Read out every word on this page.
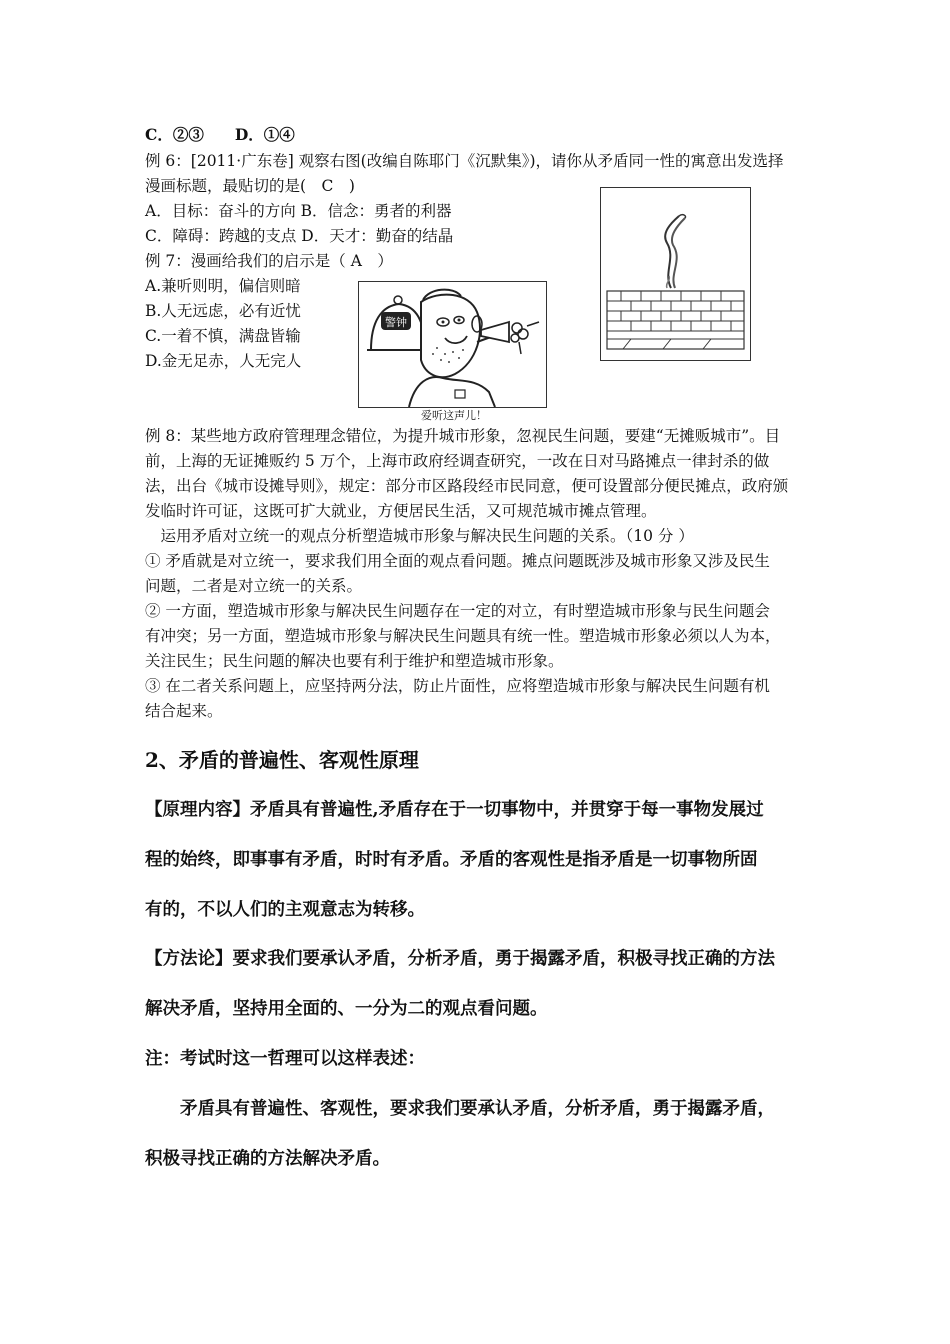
C．②③　　D．①④
例 6：[2011·广东卷] 观察右图(改编自陈耶门《沉默集》)，请你从矛盾同一性的寓意出发选择
漫画标题，最贴切的是(　C　)
A．目标：奋斗的方向 B．信念：勇者的利器
C．障碍：跨越的支点 D．天才：勤奋的结晶
例 7：漫画给我们的启示是（ A　）
A.兼听则明，偏信则暗
B.人无远虑，必有近忧
C.一着不慎，满盘皆输
D.金无足赤，人无完人
警钟
爱听这声儿！
例 8：某些地方政府管理理念错位，为提升城市形象，忽视民生问题，要建“无摊贩城市”。目
前，上海的无证摊贩约 5 万个，上海市政府经调查研究，一改在日对马路摊点一律封杀的做
法，出台《城市设摊导则》，规定：部分市区路段经市民同意，便可设置部分便民摊点，政府颁
发临时许可证，这既可扩大就业，方便居民生活，又可规范城市摊点管理。
　运用矛盾对立统一的观点分析塑造城市形象与解决民生问题的关系。（10 分 ）
① 矛盾就是对立统一，要求我们用全面的观点看问题。摊点问题既涉及城市形象又涉及民生
问题，二者是对立统一的关系。
② 一方面，塑造城市形象与解决民生问题存在一定的对立，有时塑造城市形象与民生问题会
有冲突；另一方面，塑造城市形象与解决民生问题具有统一性。塑造城市形象必须以人为本，
关注民生；民生问题的解决也要有利于维护和塑造城市形象。
③ 在二者关系问题上，应坚持两分法，防止片面性，应将塑造城市形象与解决民生问题有机
结合起来。
2、矛盾的普遍性、客观性原理
【原理内容】矛盾具有普遍性,矛盾存在于一切事物中，并贯穿于每一事物发展过
程的始终，即事事有矛盾，时时有矛盾。矛盾的客观性是指矛盾是一切事物所固
有的，不以人们的主观意志为转移。
【方法论】要求我们要承认矛盾，分析矛盾，勇于揭露矛盾，积极寻找正确的方法
解决矛盾，坚持用全面的、一分为二的观点看问题。
注：考试时这一哲理可以这样表述：
　　矛盾具有普遍性、客观性，要求我们要承认矛盾，分析矛盾，勇于揭露矛盾，
积极寻找正确的方法解决矛盾。
